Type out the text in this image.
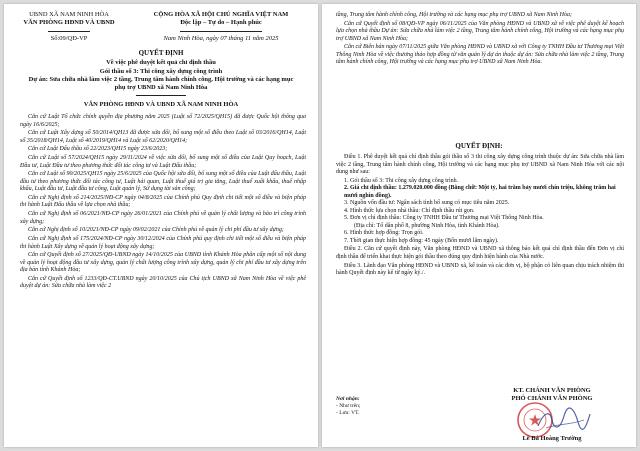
UBND XÃ NAM NINH HÒA
VĂN PHÒNG HĐND VÀ UBND
CỘNG HÒA XÃ HỘI CHỦ NGHĨA VIỆT NAM
Độc lập – Tự do – Hạnh phúc
Số:09/QĐ-VP	Nam Ninh Hòa, ngày 07 tháng 11 năm 2025
QUYẾT ĐỊNH
Về việc phê duyệt kết quả chỉ định thầu
Gói thầu số 3: Thi công xây dựng công trình
Dự án: Sửa chữa nhà làm việc 2 tầng, Trung tâm hành chính công, Hội trường và các hạng mục phụ trợ UBND xã Nam Ninh Hòa
VĂN PHÒNG HĐND VÀ UBND XÃ NAM NINH HÒA

Căn cứ Luật Tổ chức chính quyền địa phương năm 2025 (Luật số 72/2025/QH15) đã được Quốc hội thông qua ngày 16/6/2025;

Căn cứ Luật Xây dựng số 50/2014/QH13 đã được sửa đổi, bổ sung một số điều theo Luật số 03/2016/QH14, Luật số 35/2018/QH14, Luật số 40/2019/QH14 và Luật số 62/2020/QH14;

Căn cứ Luật Đấu thầu số 22/2023/QH15 ngày 23/6/2023;

Căn cứ Luật số 57/2024/QH15 ngày 29/11/2024 về việc sửa đổi, bổ sung một số điều của Luật Quy hoạch, Luật Đầu tư, Luật Đầu tư theo phương thức đối tác công tư và Luật Đấu thầu;

Căn cứ Luật số 90/2025/QH15 ngày 25/6/2025 của Quốc hội sửa đổi, bổ sung một số điều của Luật đấu thầu, Luật đầu tư theo phương thức đối tác công tư, Luật hải quan, Luật thuế giá trị gia tăng, Luật thuế xuất khẩu, thuế nhập khẩu, Luật đầu tư, Luật đầu tư công, Luật quản lý, Sử dụng tài sản công;

Căn cứ Nghị định số 214/2025/NĐ-CP ngày 04/8/2025 của Chính phủ Quy định chi tiết một số điều và biện pháp thi hành Luật Đấu thầu về lựa chọn nhà thầu;

Căn cứ Nghị định số 06/2021/NĐ-CP ngày 26/01/2021 của Chính phủ về quản lý chất lượng và bảo trì công trình xây dựng;

Căn cứ Nghị định số 10/2021/NĐ-CP ngày 09/02/2021 của Chính phủ về quản lý chi phí đầu tư xây dựng;

Căn cứ Nghị định số 175/2024/NĐ-CP ngày 30/12/2024 của Chính phủ quy định chi tiết một số điều và biện pháp thi hành Luật Xây dựng về quản lý hoạt động xây dựng;

Căn cứ Quyết định số 27/2025/QĐ-UBND ngày 14/10/2025 của UBND tỉnh Khánh Hòa phân cấp một số nội dung về quản lý hoạt động đầu tư xây dựng, quản lý chất lượng công trình xây dựng, quản lý chi phí đầu tư xây dựng trên địa bàn tỉnh Khánh Hòa;

Căn cứ Quyết định số 1233/QĐ-CT.UBND ngày 20/10/2025 của Chủ tịch UBND xã Nam Ninh Hòa về việc phê duyệt dự án: Sửa chữa nhà làm việc 2

tầng, Trung tâm hành chính công, Hội trường và các hạng mục phụ trợ UBND xã Nam Ninh Hòa;

Căn cứ Quyết định số 08/QĐ-VP ngày 06/11/2025 của Văn phòng HĐND và UBND xã về việc phê duyệt kế hoạch lựa chọn nhà thầu Dự án: Sửa chữa nhà làm việc 2 tầng, Trung tâm hành chính công, Hội trường và các hạng mục phụ trợ UBND xã Nam Ninh Hòa;

Căn cứ Biên bản ngày 07/11/2025 giữa Văn phòng HĐND và UBND xã với Công ty TNHH Đầu tư Thương mại Việt Thông Ninh Hòa về việc thương thảo hợp đồng từ văn quản lý dự án thuộc dự án: Sửa chữa nhà làm việc 2 tầng, Trung tâm hành chính công, Hội trường và các hạng mục phụ trợ UBND xã Nam Ninh Hòa.

QUYẾT ĐỊNH:

Điều 1. Phê duyệt kết quả chỉ định thầu gói thầu số 3 thi công xây dựng công trình thuộc dự án: Sửa chữa nhà làm việc 2 tầng, Trung tâm hành chính công, Hội trường và các hạng mục phụ trợ UBND xã Nam Ninh Hòa với các nội dung như sau:

1. Gói thầu số 3: Thi công xây dựng công trình.
2. Giá chỉ định thầu: 1.279.020.000 đồng (Bằng chữ: Một tỷ, hai trăm bảy mươi chín triệu, không trăm hai mươi nghìn đồng).
3. Nguồn vốn đầu tư: Ngân sách tỉnh bổ sung có mục tiêu năm 2025.
4. Hình thức lựa chọn nhà thầu: Chỉ định thầu rút gọn.
5. Đơn vị chỉ định thầu: Công ty TNHH Đầu tư Thương mại Việt Thông Ninh Hòa.
(Địa chỉ: Tổ dân phố 8, phường Ninh Hòa, tỉnh Khánh Hòa).
6. Hình thức hợp đồng: Trọn gói.
7. Thời gian thực hiện hợp đồng: 45 ngày (Bốn mươi lăm ngày).

Điều 2. Căn cứ quyết định này, Văn phòng HĐND và UBND xã thông báo kết quả chỉ định thầu đến Đơn vị chỉ định thầu để triển khai thực hiện gói thầu theo đúng quy định hiện hành của Nhà nước.

Điều 3. Lãnh đạo Văn phòng HĐND và UBND xã, kế toán và các đơn vị, bộ phận có liên quan chịu trách nhiệm thi hành Quyết định này kể từ ngày ký./.

Nơi nhận:
- Như trên;
- Lưu: VT.
KT. CHÁNH VĂN PHÒNG
PHÓ CHÁNH VĂN PHÒNG
Lê Bá Hoàng Trường
